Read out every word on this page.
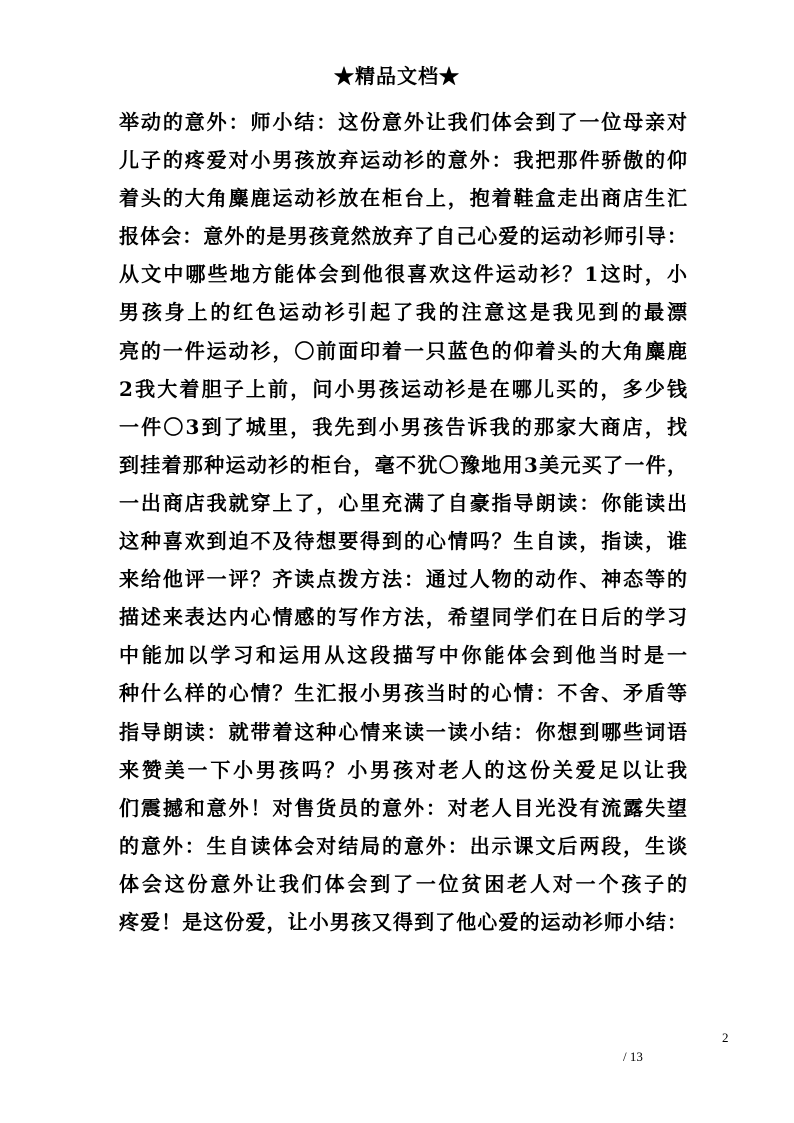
★精品文档★
举动的意外：师小结：这份意外让我们体会到了一位母亲对
儿子的疼爱对小男孩放弃运动衫的意外：我把那件骄傲的仰
着头的大角麋鹿运动衫放在柜台上，抱着鞋盒走出商店生汇
报体会：意外的是男孩竟然放弃了自己心爱的运动衫师引导：
从文中哪些地方能体会到他很喜欢这件运动衫？1这时，小
男孩身上的红色运动衫引起了我的注意这是我见到的最漂
亮的一件运动衫，〇前面印着一只蓝色的仰着头的大角麋鹿
2我大着胆子上前，问小男孩运动衫是在哪儿买的，多少钱
一件〇3到了城里，我先到小男孩告诉我的那家大商店，找
到挂着那种运动衫的柜台，毫不犹〇豫地用3美元买了一件，
一出商店我就穿上了，心里充满了自豪指导朗读：你能读出
这种喜欢到迫不及待想要得到的心情吗？生自读，指读，谁
来给他评一评？齐读点拨方法：通过人物的动作、神态等的
描述来表达内心情感的写作方法，希望同学们在日后的学习
中能加以学习和运用从这段描写中你能体会到他当时是一
种什么样的心情？生汇报小男孩当时的心情：不舍、矛盾等
指导朗读：就带着这种心情来读一读小结：你想到哪些词语
来赞美一下小男孩吗？小男孩对老人的这份关爱足以让我
们震撼和意外！对售货员的意外：对老人目光没有流露失望
的意外：生自读体会对结局的意外：出示课文后两段，生谈
体会这份意外让我们体会到了一位贫困老人对一个孩子的
疼爱！是这份爱，让小男孩又得到了他心爱的运动衫师小结：
2
/ 13
